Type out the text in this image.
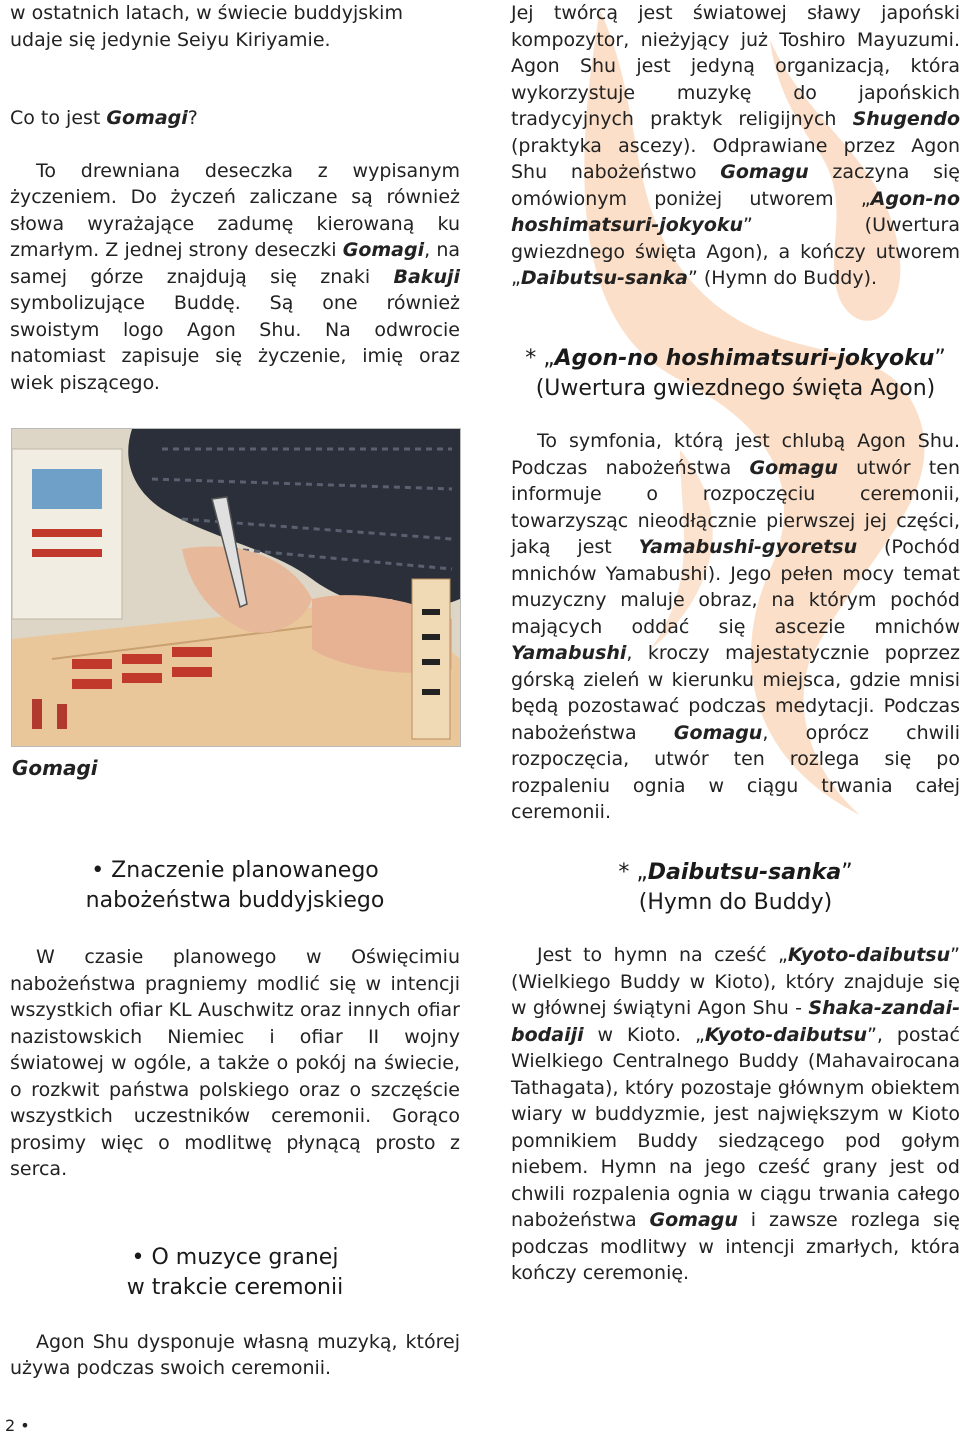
w ostatnich latach, w świecie buddyjskim

udaje się jedynie Seiyu Kiriyamie.

Co to jest Gomagi?

To drewniana deseczka z wypisanym życzeniem. Do życzeń zaliczane są również słowa wyrażające zadumę kierowaną ku zmarłym. Z jednej strony deseczki Gomagi, na samej górze znajdują się znaki Bakuji symbolizujące Buddę. Są one również swoistym logo Agon Shu. Na odwrocie natomiast zapisuje się życzenie, imię oraz wiek piszącego.

Gomagi
• Znaczenie planowanego
nabożeństwa buddyjskiego

W czasie planowego w Oświęcimiu nabożeństwa pragniemy modlić się w intencji wszystkich ofiar KL Auschwitz oraz innych ofiar nazistowskich Niemiec i ofiar II wojny światowej w ogóle, a także o pokój na świecie, o rozkwit państwa polskiego oraz o szczęście wszystkich uczestników ceremonii. Gorąco prosimy więc o modlitwę płynącą prosto z serca.

• O muzyce granej
w trakcie ceremonii

Agon Shu dysponuje własną muzyką, której używa podczas swoich ceremonii.

Jej twórcą jest światowej sławy japoński kompozytor, nieżyjący już Toshiro Mayuzumi. Agon Shu jest jedyną organizacją, która wykorzystuje muzykę do japońskich tradycyjnych praktyk religijnych Shugendo (praktyka ascezy). Odprawiane przez Agon Shu nabożeństwo Gomagu zaczyna się omówionym poniżej utworem „Agon-no hoshimatsuri-jokyoku” (Uwertura gwiezdnego święta Agon), a kończy utworem „Daibutsu-sanka” (Hymn do Buddy).

* „Agon-no hoshimatsuri-jokyoku”
(Uwertura gwiezdnego święta Agon)

To symfonia, którą jest chlubą Agon Shu. Podczas nabożeństwa Gomagu utwór ten informuje o rozpoczęciu ceremonii, towarzysząc nieodłącznie pierwszej jej części, jaką jest Yamabushi-gyoretsu (Pochód mnichów Yamabushi). Jego pełen mocy temat muzyczny maluje obraz, na którym pochód mających oddać się ascezie mnichów Yamabushi, kroczy majestatycznie poprzez górską zieleń w kierunku miejsca, gdzie mnisi będą pozostawać podczas medytacji. Podczas nabożeństwa Gomagu, oprócz chwili rozpoczęcia, utwór ten rozlega się po rozpaleniu ognia w ciągu trwania całej ceremonii.

* „Daibutsu-sanka”
(Hymn do Buddy)

Jest to hymn na cześć „Kyoto-daibutsu” (Wielkiego Buddy w Kioto), który znajduje się w głównej świątyni Agon Shu - Shaka-zandai-bodaiji w Kioto. „Kyoto-daibutsu”, postać Wielkiego Centralnego Buddy (Mahavairocana Tathagata), który pozostaje głównym obiektem wiary w buddyzmie, jest największym w Kioto pomnikiem Buddy siedzącego pod gołym niebem. Hymn na jego cześć grany jest od chwili rozpalenia ognia w ciągu trwania całego nabożeństwa Gomagu i zawsze rozlega się podczas modlitwy w intencji zmarłych, która kończy ceremonię.

2 •
